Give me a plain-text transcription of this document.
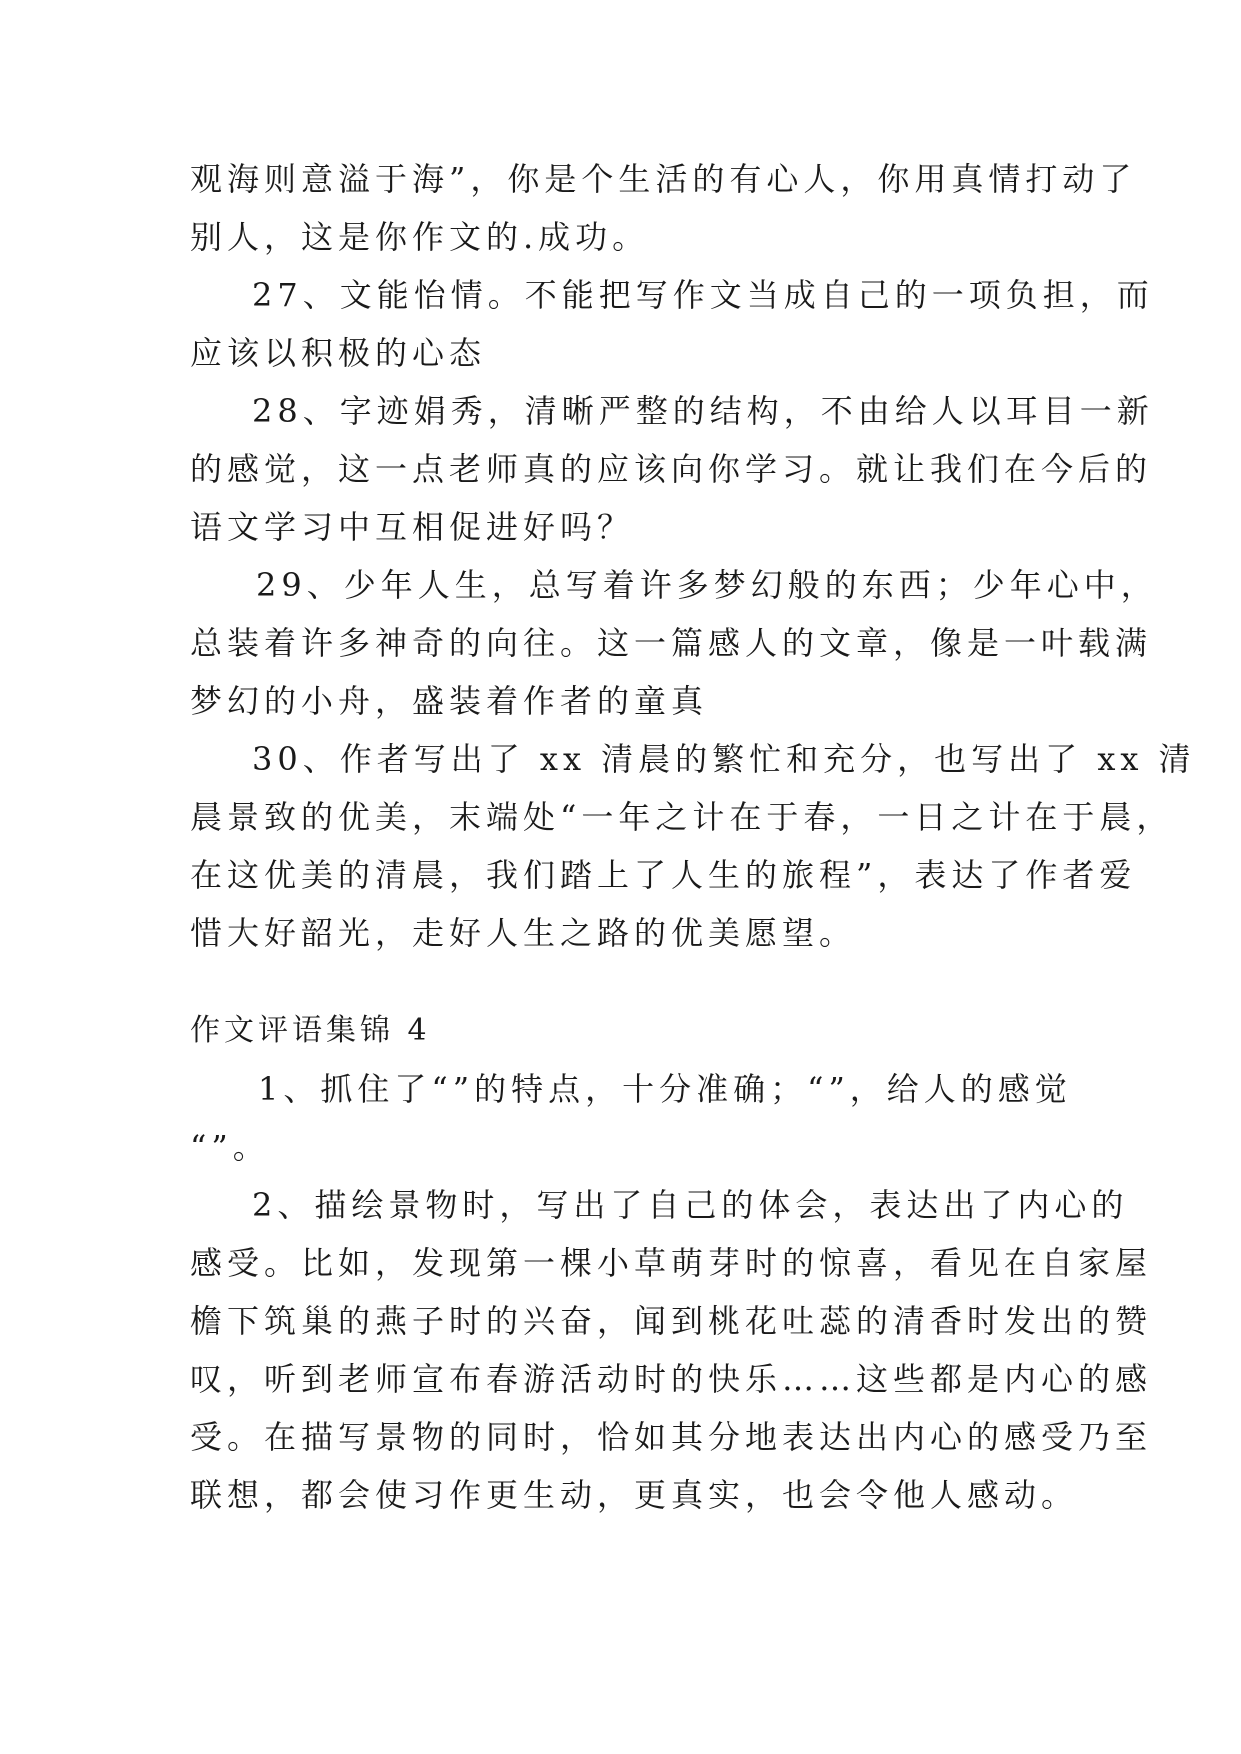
观海则意溢于海”，你是个生活的有心人，你用真情打动了
别人，这是你作文的.成功。
27、文能怡情。不能把写作文当成自己的一项负担，而
应该以积极的心态
28、字迹娟秀，清晰严整的结构，不由给人以耳目一新
的感觉，这一点老师真的应该向你学习。就让我们在今后的
语文学习中互相促进好吗？
29、少年人生，总写着许多梦幻般的东西；少年心中，
总装着许多神奇的向往。这一篇感人的文章，像是一叶载满
梦幻的小舟，盛装着作者的童真
30、作者写出了 xx 清晨的繁忙和充分，也写出了 xx 清
晨景致的优美，末端处“一年之计在于春，一日之计在于晨，
在这优美的清晨，我们踏上了人生的旅程”，表达了作者爱
惜大好韶光，走好人生之路的优美愿望。
作文评语集锦 4
1、抓住了“”的特点，十分准确；“”，给人的感觉
“”。
2、描绘景物时，写出了自己的体会，表达出了内心的
感受。比如，发现第一棵小草萌芽时的惊喜，看见在自家屋
檐下筑巢的燕子时的兴奋，闻到桃花吐蕊的清香时发出的赞
叹，听到老师宣布春游活动时的快乐……这些都是内心的感
受。在描写景物的同时，恰如其分地表达出内心的感受乃至
联想，都会使习作更生动，更真实，也会令他人感动。
